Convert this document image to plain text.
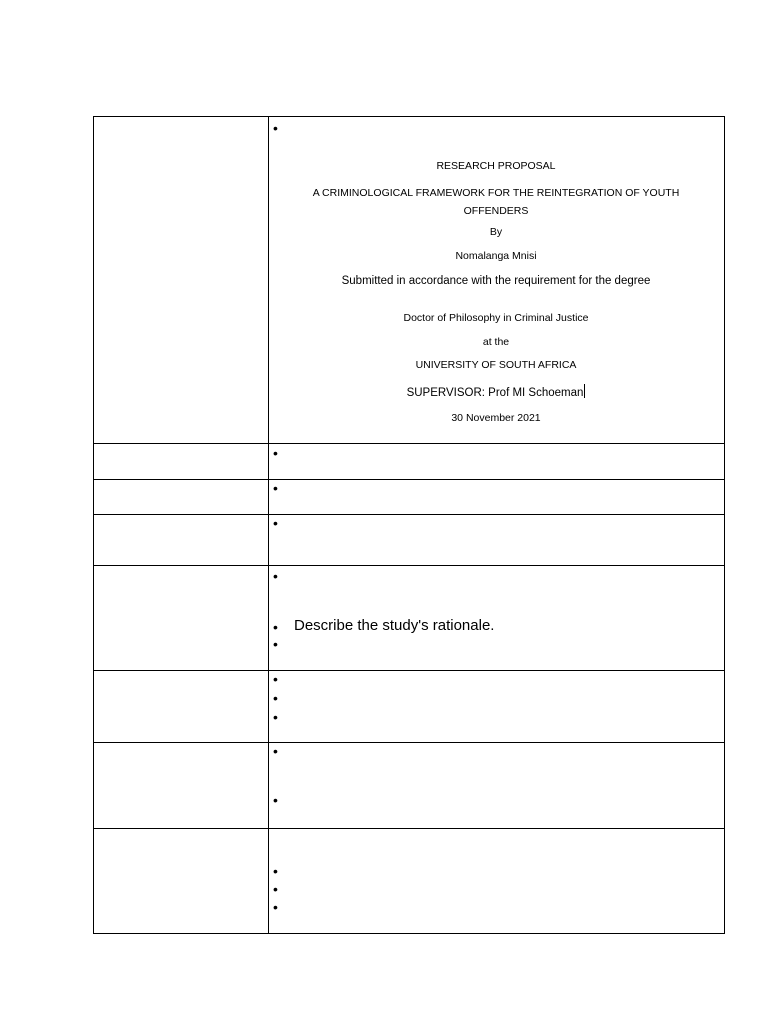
•
RESEARCH PROPOSAL
A CRIMINOLOGICAL FRAMEWORK FOR THE REINTEGRATION OF YOUTH OFFENDERS
By
Nomalanga Mnisi
Submitted in accordance with the requirement for the degree
Doctor of Philosophy in Criminal Justice
at the
UNIVERSITY OF SOUTH AFRICA
SUPERVISOR: Prof MI Schoeman
30 November 2021
•
•
•
•
• Describe the study's rationale.
•
•
•
•
•
•
•
•
•
